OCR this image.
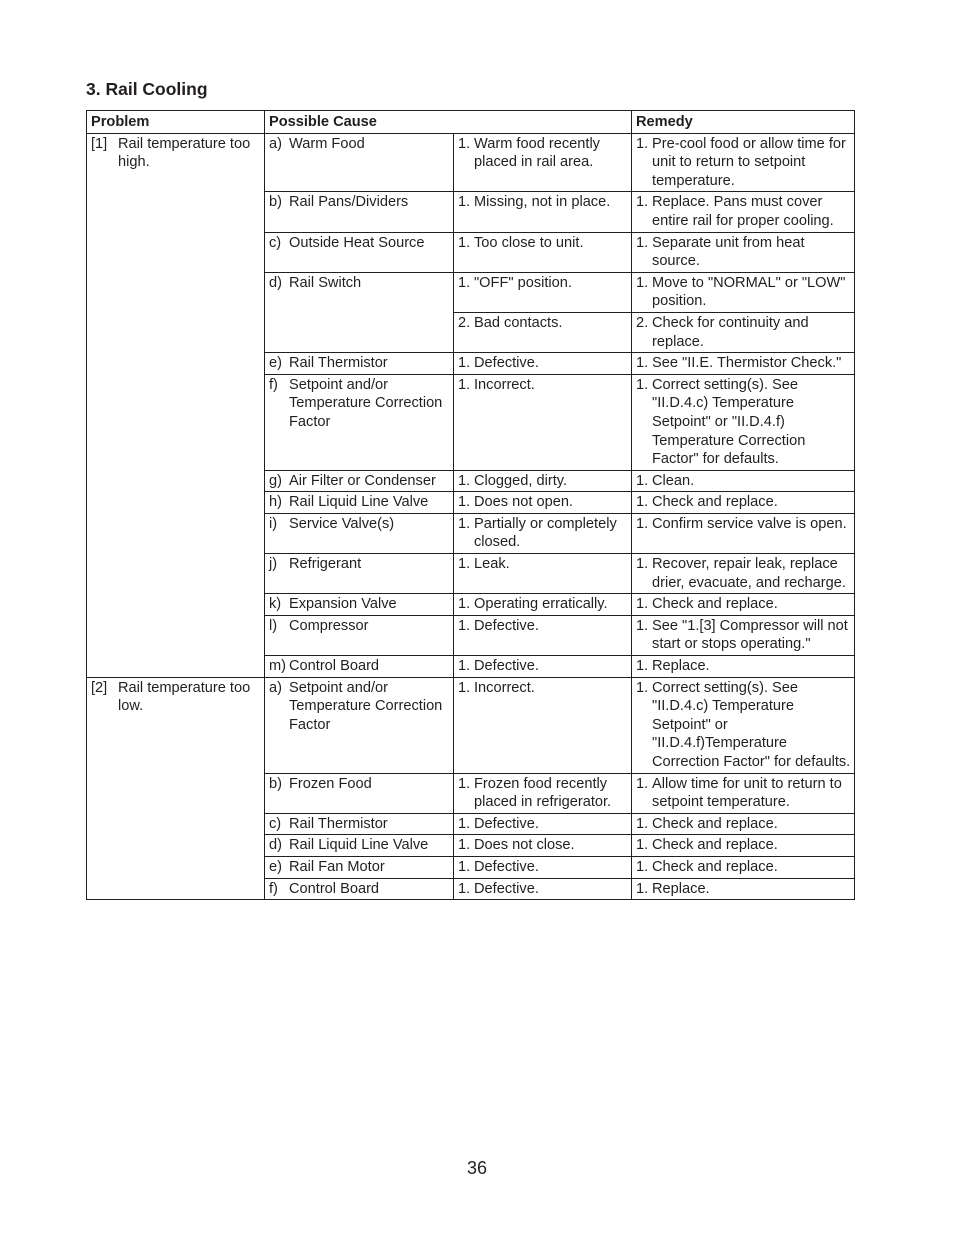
3. Rail Cooling
Problem	Possible Cause		Remedy

[1] Rail temperature too high.	a) Warm Food	1. Warm food recently placed in rail area.	1. Pre-cool food or allow time for unit to return to setpoint temperature.

	b) Rail Pans/Dividers	1. Missing, not in place.	1. Replace. Pans must cover entire rail for proper cooling.

	c) Outside Heat Source	1. Too close to unit.	1. Separate unit from heat source.

	d) Rail Switch	1. "OFF" position.	1. Move to "NORMAL" or "LOW" position.

		2. Bad contacts.	2. Check for continuity and replace.

	e) Rail Thermistor	1. Defective.	1. See "II.E. Thermistor Check."

	f) Setpoint and/or Temperature Correction Factor	1. Incorrect.	1. Correct setting(s). See "II.D.4.c) Temperature Setpoint" or "II.D.4.f) Temperature Correction Factor" for defaults.

	g) Air Filter or Condenser	1. Clogged, dirty.	1. Clean.

	h) Rail Liquid Line Valve	1. Does not open.	1. Check and replace.

	i) Service Valve(s)	1. Partially or completely closed.	1. Confirm service valve is open.

	j) Refrigerant	1. Leak.	1. Recover, repair leak, replace drier, evacuate, and recharge.

	k) Expansion Valve	1. Operating erratically.	1. Check and replace.

	l) Compressor	1. Defective.	1. See "1.[3] Compressor will not start or stops operating."

	m) Control Board	1. Defective.	1. Replace.

[2] Rail temperature too low.	a) Setpoint and/or Temperature Correction Factor	1. Incorrect.	1. Correct setting(s). See "II.D.4.c) Temperature Setpoint" or "II.D.4.f)Temperature Correction Factor" for defaults.

	b) Frozen Food	1. Frozen food recently placed in refrigerator.	1. Allow time for unit to return to setpoint temperature.

	c) Rail Thermistor	1. Defective.	1. Check and replace.

	d) Rail Liquid Line Valve	1. Does not close.	1. Check and replace.

	e) Rail Fan Motor	1. Defective.	1. Check and replace.

	f) Control Board	1. Defective.	1. Replace.
36
